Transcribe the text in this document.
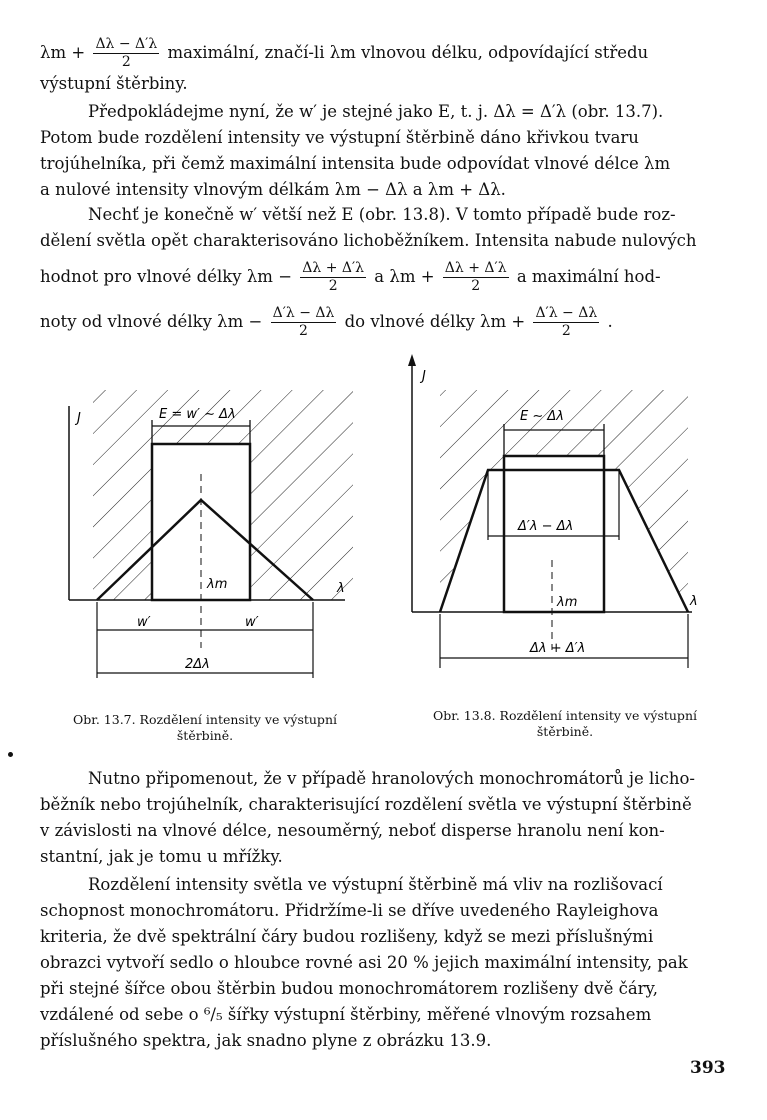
$\lambda m + \frac{\Delta\lambda - \Delta'\lambda}{2}$ maximální, značí-li λm vlnovou délku, odpovídající středu
výstupní štěrbiny.
Předpokládejme nyní, že w′ je stejné jako E, t. j. Δλ = Δ′λ (obr. 13.7).
Potom bude rozdělení intensity ve výstupní štěrbině dáno křivkou tvaru
trojúhelníka, při čemž maximální intensita bude odpovídat vlnové délce λm
a nulové intensity vlnovým délkám λm − Δλ a λm + Δλ.
Nechť je konečně w′ větší než E (obr. 13.8). V tomto případě bude roz-
dělení světla opět charakterisováno lichoběžníkem. Intensita nabude nulových
hodnot pro vlnové délky $\lambda m - \frac{\Delta\lambda + \Delta'\lambda}{2}$ a $\lambda m + \frac{\Delta\lambda + \Delta'\lambda}{2}$ a maximální hod-
noty od vlnové délky $\lambda m - \frac{\Delta'\lambda - \Delta\lambda}{2}$ do vlnové délky $\lambda m + \frac{\Delta'\lambda - \Delta\lambda}{2}$ .
J	E = w′ ∼ Δλ
λm	λ
w′	w′
2Δλ
J
E ∼ Δλ
Δ′λ − Δλ
λm	λ
Δλ + Δ′λ
Obr. 13.7. Rozdělení intensity ve výstupní
štěrbině.
Obr. 13.8. Rozdělení intensity ve výstupní
štěrbině.
Nutno připomenout, že v případě hranolových monochromátorů je licho-
běžník nebo trojúhelník, charakterisující rozdělení světla ve výstupní štěrbině
v závislosti na vlnové délce, nesouměrný, neboť disperse hranolu není kon-
stantní, jak je tomu u mřížky.
Rozdělení intensity světla ve výstupní štěrbině má vliv na rozlišovací
schopnost monochromátoru. Přidržíme-li se dříve uvedeného Rayleighova
kriteria, že dvě spektrální čáry budou rozlišeny, když se mezi příslušnými
obrazci vytvoří sedlo o hloubce rovné asi 20 % jejich maximální intensity, pak
při stejné šířce obou štěrbin budou monochromátorem rozlišeny dvě čáry,
vzdálené od sebe o ⁶/₅ šířky výstupní štěrbiny, měřené vlnovým rozsahem
příslušného spektra, jak snadno plyne z obrázku 13.9.
393
